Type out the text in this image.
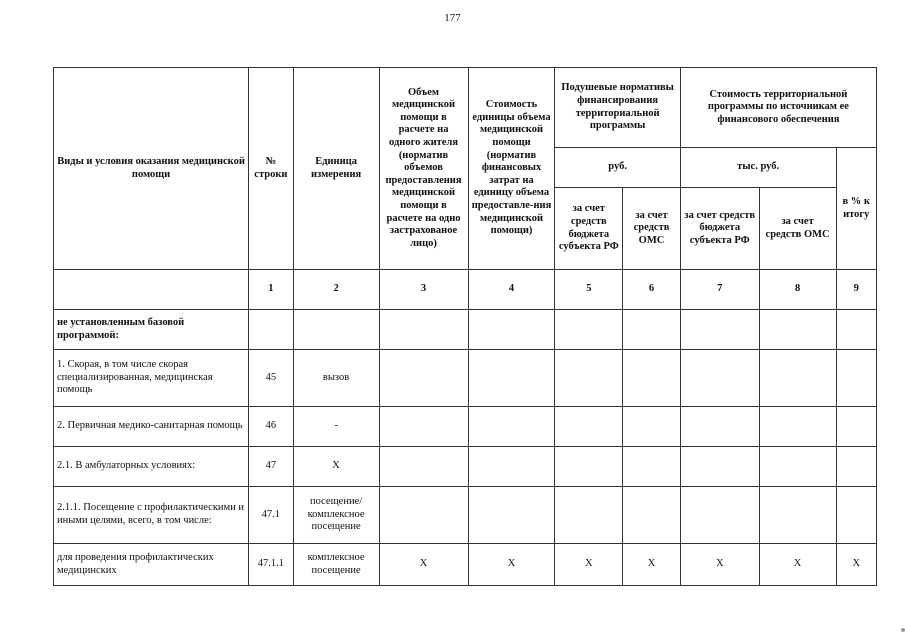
177
Виды и условия оказания медицинской помощи	№ строки	Единица измерения	Объем медицинской помощи в расчете на одного жителя (норматив объемов предоставления медицинской помощи в расчете на одно застрахованое лицо)	Стоимость единицы объема медицинской помощи (норматив финансовых затрат на единицу объема предоставле-ния медицинской помощи)	Подушевые нормативы финансирования территориальной программы		Стоимость территориальной программы по источникам ее финансового обеспечения		
					руб.		тыс. руб.		в % к итогу
					за счет средств бюджета субъекта РФ	за счет средств ОМС	за счет средств бюджета субъекта РФ	за счет средств ОМС	
	1	2	3	4	5	6	7	8	9
не установленным базовой программой:									
1. Скорая, в том числе скорая специализированная, медицинская помощь	45	вызов							
2. Первичная медико-санитарная помощь	46	-							
2.1. В амбулаторных условиях:	47	Х							
2.1.1. Посещение с профилактическими и иными целями, всего, в том числе:	47.1	посещение/ комплексное посещение							
для проведения профилактических медицинских	47.1.1	комплексное посещение	Х	Х	Х	Х	Х	Х	Х
